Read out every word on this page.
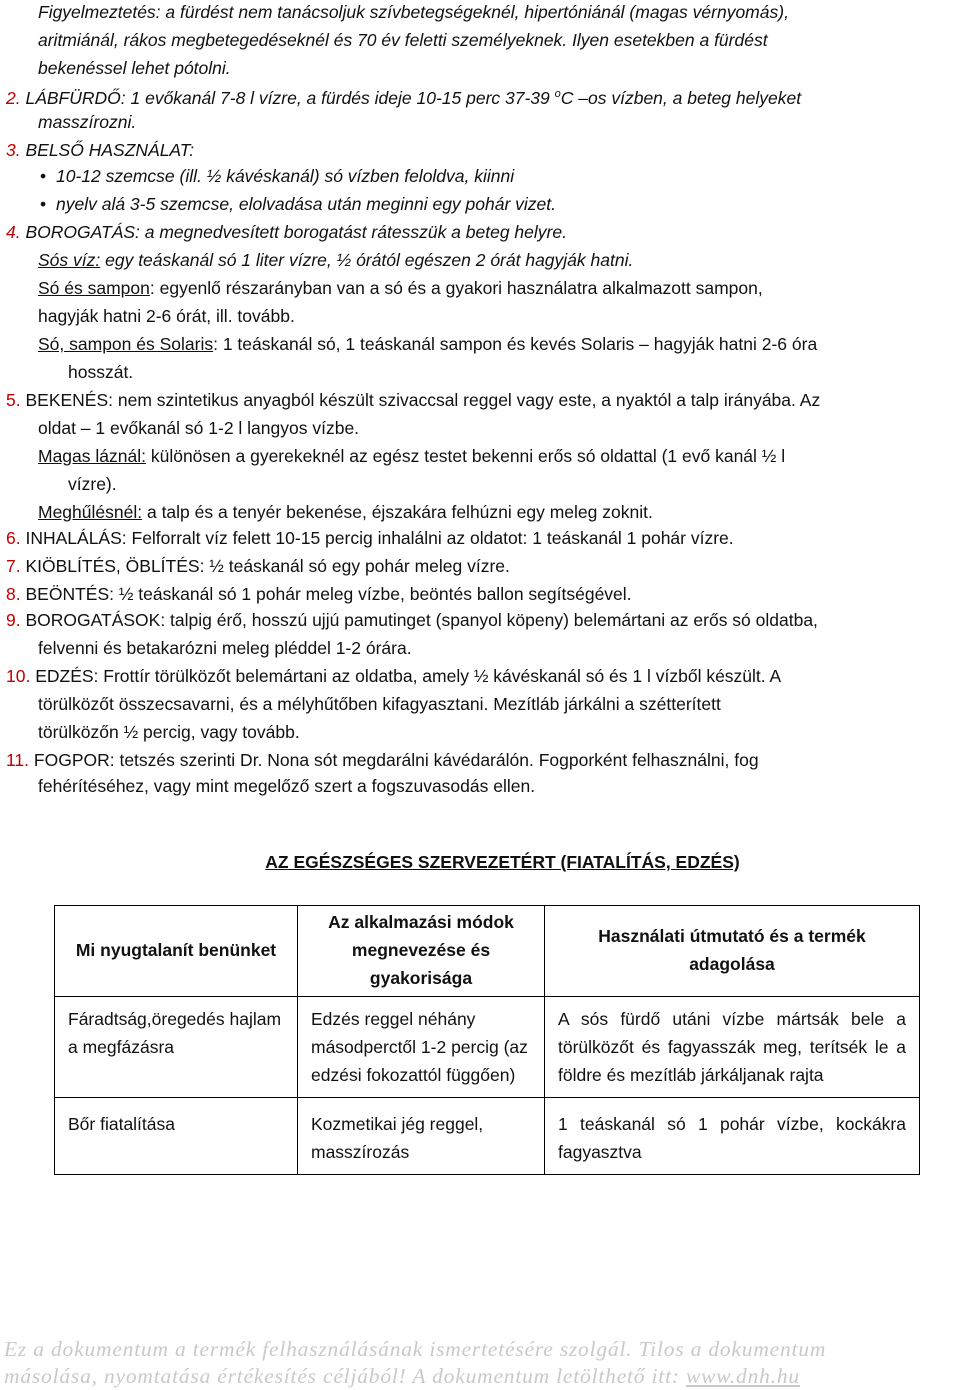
Figyelmeztetés: a fürdést nem tanácsoljuk szívbetegségeknél, hipertóniánál (magas vérnyomás),
aritmiánál, rákos megbetegedéseknél és 70 év feletti személyeknek. Ilyen esetekben a fürdést
bekenéssel lehet pótolni.
2. LÁBFÜRDŐ: 1 evőkanál 7-8 l vízre, a fürdés ideje 10-15 perc 37-39 $^o$C –os vízben, a beteg helyeket
masszírozni.
3. BELSŐ HASZNÁLAT:
• 10-12 szemcse (ill. ½ kávéskanál) só vízben feloldva, kiinni
• nyelv alá 3-5 szemcse, elolvadása után meginni egy pohár vizet.
4. BOROGATÁS: a megnedvesített borogatást rátesszük a beteg helyre.
Sós víz: egy teáskanál só 1 liter vízre, ½ órától egészen 2 órát hagyják hatni.
Só és sampon: egyenlő részarányban van a só és a gyakori használatra alkalmazott sampon,
hagyják hatni 2-6 órát, ill. tovább.
Só, sampon és Solaris: 1 teáskanál só, 1 teáskanál sampon és kevés Solaris – hagyják hatni 2-6 óra
hosszát.
5. BEKENÉS: nem szintetikus anyagból készült szivaccsal reggel vagy este, a nyaktól a talp irányába. Az
oldat – 1 evőkanál só 1-2 l langyos vízbe.
Magas láznál: különösen a gyerekeknél az egész testet bekenni erős só oldattal (1 evő kanál ½ l
vízre).
Meghűlésnél: a talp és a tenyér bekenése, éjszakára felhúzni egy meleg zoknit.
6. INHALÁLÁS: Felforralt víz felett 10-15 percig inhalálni az oldatot: 1 teáskanál 1 pohár vízre.
7. KIÖBLÍTÉS, ÖBLÍTÉS: ½ teáskanál só egy pohár meleg vízre.
8. BEÖNTÉS: ½ teáskanál só 1 pohár meleg vízbe, beöntés ballon segítségével.
9. BOROGATÁSOK: talpig érő, hosszú ujjú pamutinget (spanyol köpeny) belemártani az erős só oldatba,
felvenni és betakarózni meleg pléddel 1-2 órára.
10. EDZÉS: Frottír törülközőt belemártani az oldatba, amely ½ kávéskanál só és 1 l vízből készült. A
törülközőt összecsavarni, és a mélyhűtőben kifagyasztani. Mezítláb járkálni a szétterített
törülközőn ½ percig, vagy tovább.
11. FOGPOR: tetszés szerinti Dr. Nona sót megdarálni kávédarálón. Fogporként felhasználni, fog
fehérítéséhez, vagy mint megelőző szert a fogszuvasodás ellen.
AZ EGÉSZSÉGES SZERVEZETÉRT (FIATALÍTÁS, EDZÉS)
Mi nyugtalanít benünket	Az alkalmazási módok megnevezése és gyakorisága	Használati útmutató és a termék adagolása
Fáradtság,öregedés hajlam a megfázásra	Edzés reggel néhány másodperctől 1-2 percig (az edzési fokozattól függően)	A sós fürdő utáni vízbe mártsák bele a törülközőt és fagyasszák meg, terítsék le a földre és mezítláb járkáljanak rajta
Bőr fiatalítása	Kozmetikai jég reggel, masszírozás	1 teáskanál só 1 pohár vízbe, kockákra fagyasztva
Ez a dokumentum a termék felhasználásának ismertetésére szolgál. Tilos a dokumentum
másolása, nyomtatása értékesítés céljából! A dokumentum letölthető itt: www.dnh.hu
